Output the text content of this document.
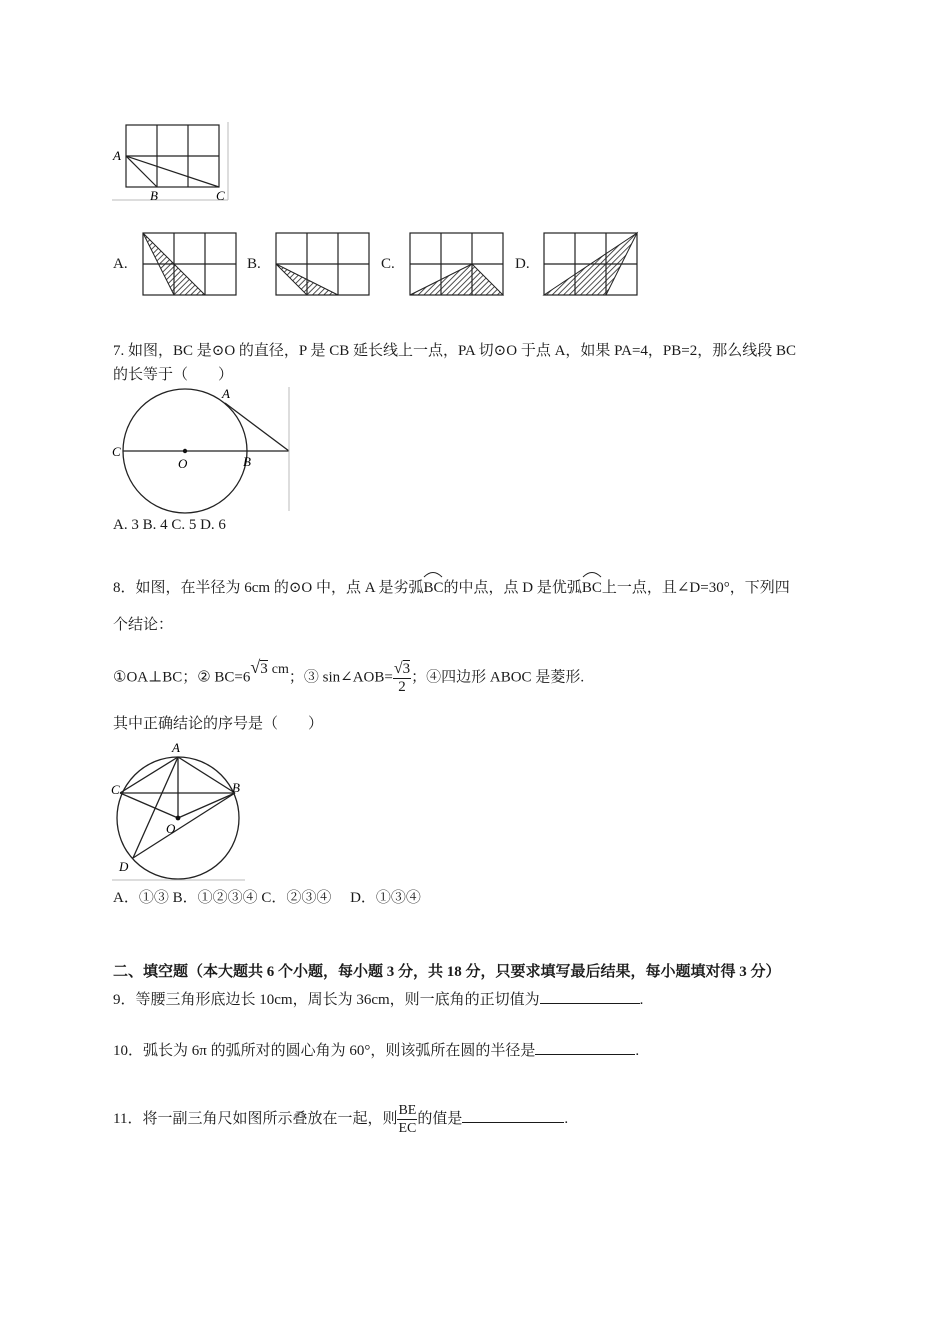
A
B	C
A.	B.	C.	D.
7. 如图，BC 是⊙O 的直径，P 是 CB 延长线上一点，PA 切⊙O 于点 A，如果 PA=4，PB=2，那么线段 BC
的长等于（　　）
A
C
O	B
A. 3 B. 4 C. 5 D. 6
8．如图，在半径为 6cm 的⊙O 中，点 A 是劣弧
BC的中点，点 D 是优弧
BC上一点，且∠D=30°，下列四
个结论：
①OA⊥BC；② BC=6√3 cm；③ sin∠AOB= $\frac{√3}{2}$ ；④四边形 ABOC 是菱形.
其中正确结论的序号是（　　）
A
C	B
O
D
A．①③ B．①②③④ C．②③④　 D．①③④
二、填空题（本大题共 6 个小题，每小题 3 分，共 18 分，只要求填写最后结果，每小题填对得 3 分）
9．等腰三角形底边长 10cm，周长为 36cm，则一底角的正切值为	.
10．弧长为 6π 的弧所对的圆心角为 60°，则该弧所在圆的半径是	.
11．将一副三角尺如图所示叠放在一起，则 $\frac{BE}{EC}$ 的值是	.
